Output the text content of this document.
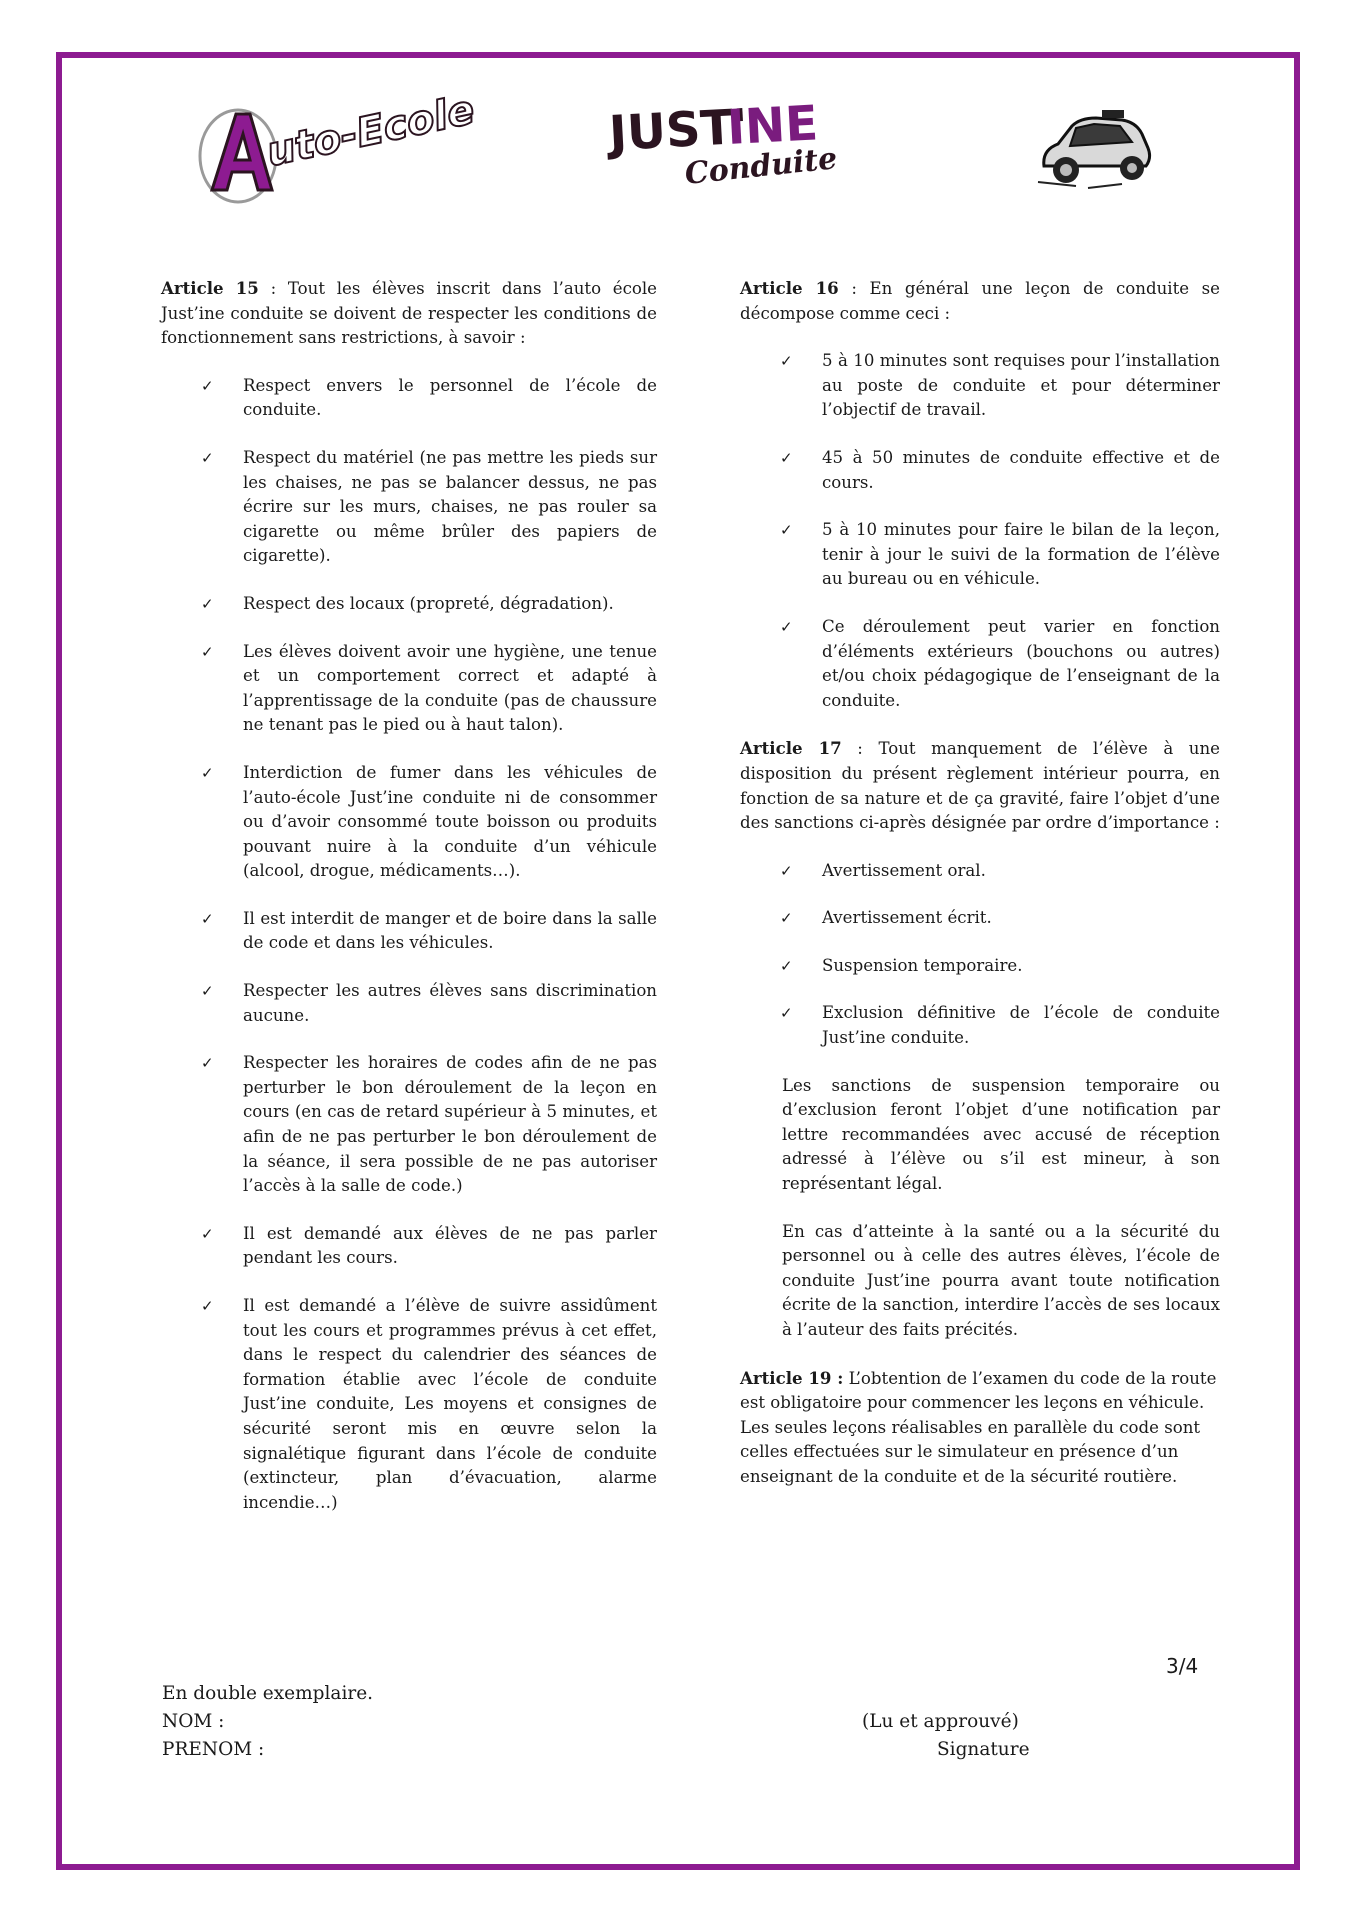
uto-Ecole	JUST'
INE
Conduite

Article 15 : Tout les élèves inscrit dans l’auto école Just’ine conduite se doivent de respecter les conditions de fonctionnement sans restrictions, à savoir :

✓ Respect envers le personnel de l’école de conduite.
✓ Respect du matériel (ne pas mettre les pieds sur les chaises, ne pas se balancer dessus, ne pas écrire sur les murs, chaises, ne pas rouler sa cigarette ou même brûler des papiers de cigarette).
✓ Respect des locaux (propreté, dégradation).
✓ Les élèves doivent avoir une hygiène, une tenue et un comportement correct et adapté à l’apprentissage de la conduite (pas de chaussure ne tenant pas le pied ou à haut talon).
✓ Interdiction de fumer dans les véhicules de l’auto-école Just’ine conduite ni de consommer ou d’avoir consommé toute boisson ou produits pouvant nuire à la conduite d’un véhicule (alcool, drogue, médicaments…).
✓ Il est interdit de manger et de boire dans la salle de code et dans les véhicules.
✓ Respecter les autres élèves sans discrimination aucune.
✓ Respecter les horaires de codes afin de ne pas perturber le bon déroulement de la leçon en cours (en cas de retard supérieur à 5 minutes, et afin de ne pas perturber le bon déroulement de la séance, il sera possible de ne pas autoriser l’accès à la salle de code.)
✓ Il est demandé aux élèves de ne pas parler pendant les cours.
✓ Il est demandé a l’élève de suivre assidûment tout les cours et programmes prévus à cet effet, dans le respect du calendrier des séances de formation établie avec l’école de conduite Just’ine conduite, Les moyens et consignes de sécurité seront mis en œuvre selon la signalétique figurant dans l’école de conduite (extincteur, plan d’évacuation, alarme incendie…)

Article 16 : En général une leçon de conduite se décompose comme ceci :

✓ 5 à 10 minutes sont requises pour l’installation au poste de conduite et pour déterminer l’objectif de travail.
✓ 45 à 50 minutes de conduite effective et de cours.
✓ 5 à 10 minutes pour faire le bilan de la leçon, tenir à jour le suivi de la formation de l’élève au bureau ou en véhicule.
✓ Ce déroulement peut varier en fonction d’éléments extérieurs (bouchons ou autres) et/ou choix pédagogique de l’enseignant de la conduite.

Article 17 : Tout manquement de l’élève à une disposition du présent règlement intérieur pourra, en fonction de sa nature et de ça gravité, faire l’objet d’une des sanctions ci-après désignée par ordre d’importance :

✓ Avertissement oral.
✓ Avertissement écrit.
✓ Suspension temporaire.
✓ Exclusion définitive de l’école de conduite Just’ine conduite.

Les sanctions de suspension temporaire ou d’exclusion feront l’objet d’une notification par lettre recommandées avec accusé de réception adressé à l’élève ou s’il est mineur, à son représentant légal.

En cas d’atteinte à la santé ou a la sécurité du personnel ou à celle des autres élèves, l’école de conduite Just’ine pourra avant toute notification écrite de la sanction, interdire l’accès de ses locaux à l’auteur des faits précités.

Article 19 : L’obtention de l’examen du code de la route est obligatoire pour commencer les leçons en véhicule. Les seules leçons réalisables en parallèle du code sont celles effectuées sur le simulateur en présence d’un enseignant de la conduite et de la sécurité routière.

3/4
En double exemplaire.
NOM :
PRENOM :
(Lu et approuvé)
Signature
